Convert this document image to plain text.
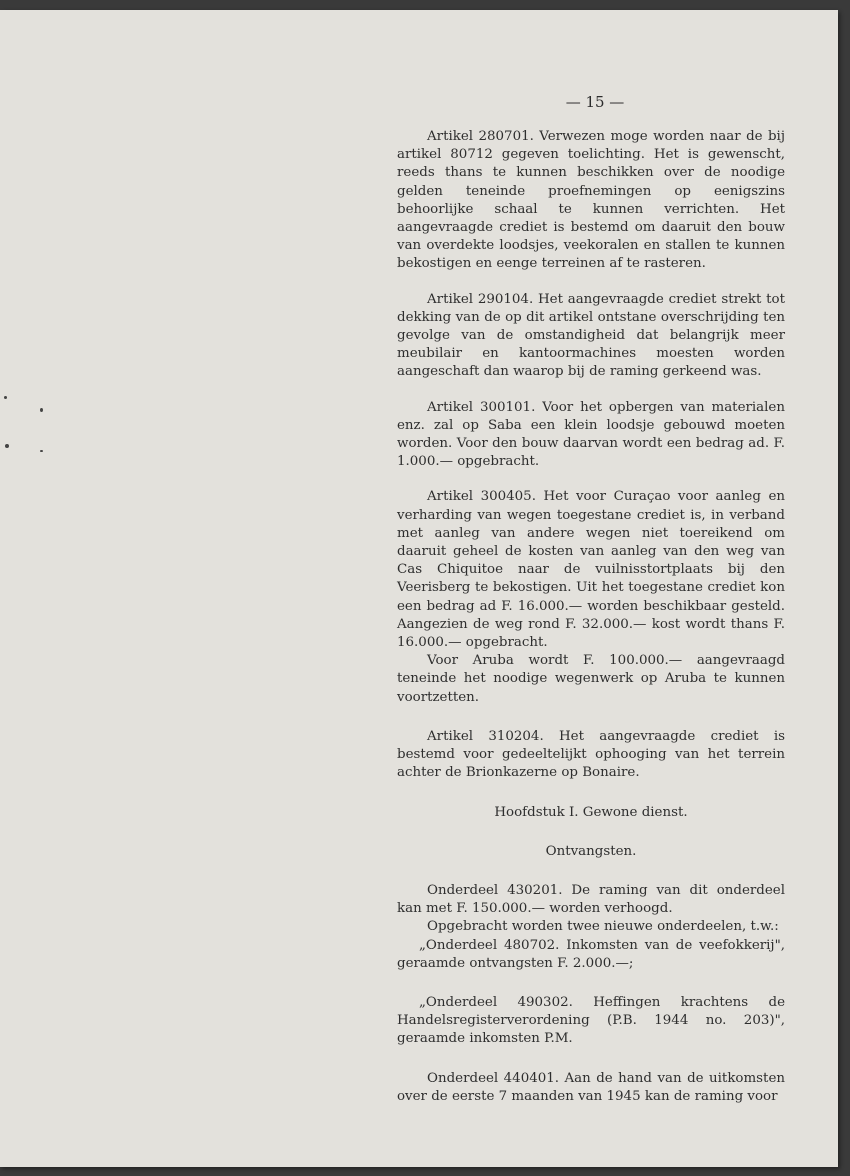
— 15 —

Artikel 280701. Verwezen moge worden naar de bij artikel 80712 gegeven toelichting. Het is gewenscht, reeds thans te kunnen beschikken over de noodige gelden teneinde proefnemingen op eenigszins behoorlijke schaal te kunnen verrichten. Het aangevraagde crediet is bestemd om daaruit den bouw van overdekte loodsjes, veekoralen en stallen te kunnen bekostigen en eenge terreinen af te rasteren.

Artikel 290104. Het aangevraagde crediet strekt tot dekking van de op dit artikel ontstane overschrijding ten gevolge van de omstandigheid dat belangrijk meer meubilair en kantoormachines moesten worden aangeschaft dan waarop bij de raming gerkeend was.

Artikel 300101. Voor het opbergen van materialen enz. zal op Saba een klein loodsje gebouwd moeten worden. Voor den bouw daarvan wordt een bedrag ad. F. 1.000.— opgebracht.

Artikel 300405. Het voor Curaçao voor aanleg en verharding van wegen toegestane crediet is, in verband met aanleg van andere wegen niet toereikend om daaruit geheel de kosten van aanleg van den weg van Cas Chiquitoe naar de vuilnisstortplaats bij den Veerisberg te bekostigen. Uit het toegestane crediet kon een bedrag ad F. 16.000.— worden beschikbaar gesteld. Aangezien de weg rond F. 32.000.— kost wordt thans F. 16.000.— opgebracht.

Voor Aruba wordt F. 100.000.— aangevraagd teneinde het noodige wegenwerk op Aruba te kunnen voortzetten.

Artikel 310204. Het aangevraagde crediet is bestemd voor gedeeltelijkt ophooging van het terrein achter de Brionkazerne op Bonaire.

Hoofdstuk I. Gewone dienst.

Ontvangsten.

Onderdeel 430201. De raming van dit onderdeel kan met F. 150.000.— worden verhoogd.

Opgebracht worden twee nieuwe onderdeelen, t.w.:

„Onderdeel 480702. Inkomsten van de veefokkerij", geraamde ontvangsten F. 2.000.—;

„Onderdeel 490302. Heffingen krachtens de Handelsregisterverordening (P.B. 1944 no. 203)", geraamde inkomsten P.M.

Onderdeel 440401. Aan de hand van de uitkomsten over de eerste 7 maanden van 1945 kan de raming voor
